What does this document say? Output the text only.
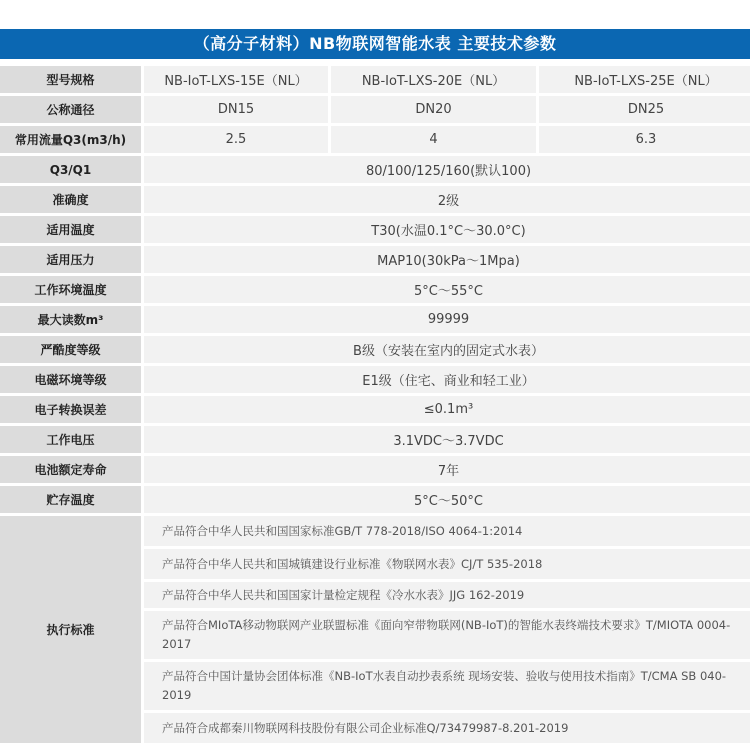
（高分子材料）NB物联网智能水表 主要技术参数
型号规格	NB-IoT-LXS-15E（NL）	NB-IoT-LXS-20E（NL）	NB-IoT-LXS-25E（NL）
公称通径	DN15	DN20	DN25
常用流量Q3(m3/h)	2.5	4	6.3
Q3/Q1	80/100/125/160(默认100)		
准确度	2级		
适用温度	T30(水温0.1°C～30.0°C)		
适用压力	MAP10(30kPa～1Mpa)		
工作环境温度	5°C～55°C		
最大读数m³	99999		
严酷度等级	B级（安装在室内的固定式水表）		
电磁环境等级	E1级（住宅、商业和轻工业）		
电子转换误差	≤0.1m³		
工作电压	3.1VDC～3.7VDC		
电池额定寿命	7年		
贮存温度	5°C～50°C		
执行标准	产品符合中华人民共和国国家标准GB/T 778-2018/ISO 4064-1:2014		
	产品符合中华人民共和国城镇建设行业标准《物联网水表》CJ/T 535-2018		
	产品符合中华人民共和国国家计量检定规程《冷水水表》JJG 162-2019		
	产品符合MIoTA移动物联网产业联盟标准《面向窄带物联网(NB-IoT)的智能水表终端技术要求》T/MIOTA 0004-2017		
	产品符合中国计量协会团体标准《NB-IoT水表自动抄表系统 现场安装、验收与使用技术指南》T/CMA SB 040-2019		
	产品符合成都秦川物联网科技股份有限公司企业标准Q/73479987-8.201-2019		
